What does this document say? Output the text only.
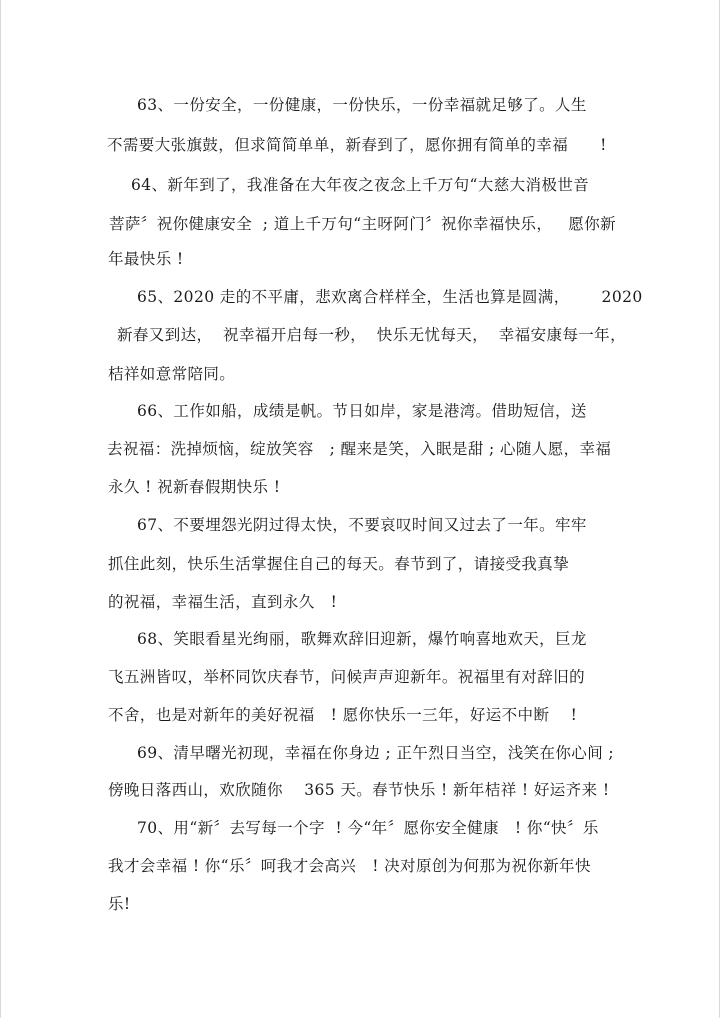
63、一份安全，一份健康，一份快乐，一份幸福就足够了。人生
不需要大张旗鼓，但求简简单单，新春到了，愿你拥有简单的幸福      !
64、新年到了，我准备在大年夜之夜念上千万句“大慈大消极世音
菩萨〞祝你健康安全  ; 道上千万句“主呀阿门〞祝你幸福快乐，   愿你新
年最快乐 !
65、2020 走的不平庸，悲欢离合样样全，生活也算是圆满，      2020
新春又到达，  祝幸福开启每一秒，  快乐无忧每天，  幸福安康每一年，
桔祥如意常陪同。
66、工作如船，成绩是帆。节日如岸，家是港湾。借助短信，送
去祝福：洗掉烦恼，绽放笑容   ; 醒来是笑，入眠是甜 ; 心随人愿，幸福
永久 ! 祝新春假期快乐 !
67、不要埋怨光阴过得太快，不要哀叹时间又过去了一年。牢牢
抓住此刻，快乐生活掌握住自己的每天。春节到了，请接受我真挚
的祝福，幸福生活，直到永久   !
68、笑眼看星光绚丽，歌舞欢辞旧迎新，爆竹响喜地欢天，巨龙
飞五洲皆叹，举杯同饮庆春节，问候声声迎新年。祝福里有对辞旧的
不舍，也是对新年的美好祝福   ! 愿你快乐一三年，好运不中断    !
69、清早曙光初现，幸福在你身边 ; 正午烈日当空，浅笑在你心间 ;
傍晚日落西山，欢欣随你    365 天。春节快乐 ! 新年桔祥 ! 好运齐来 !
70、用“新〞去写每一个字  ! 今“年〞愿你安全健康   ! 你“快〞乐
我才会幸福 ! 你“乐〞呵我才会高兴   ! 决对原创为何那为祝你新年快
乐!
